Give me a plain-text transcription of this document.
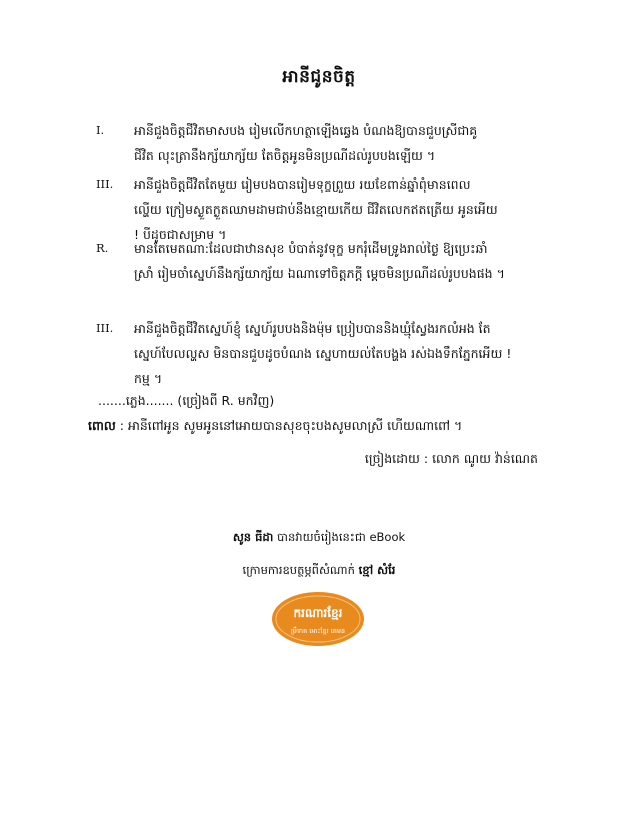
អានីជូនចិត្ត
I.	អានីជួងចិត្តជីវិតមាសបង រៀមលើកហត្ថាឡើងឆ្វេង បំណងឱ្យបានជួបស្រីជាគូ
ជីវិត លុះត្រានឹងក្ស័យាក្ស័យ តែចិត្តអូនមិនប្រណីដល់រូបបងឡើយ ។
III.	អានីជួងចិត្តជីវិតតែមួយ រៀមបងបានរៀមទុក្ខព្រួយ រយខែពាន់ឆ្នាំពុំមានពេល
ល្ហើយ ក្រៀមស្ងួតក្ងួតឈាមដាមជាប់នឹងខ្មោយកើយ ជីវិតលេកឥតត្រើយ អូនអើយ
! បីដូចជាសម្រាម ។
R.	មានតែមេតណា:ដែលជាឋានសុខ បំបាត់នូវទុក្ខ មករុំដើមទ្រូងរាល់ថ្ងៃ ឱ្យប្រេះឆាំ
ស្រាំ រៀមចាំស្នេហ៍នឹងក្ស័យាក្ស័យ ឯណាទៅចិត្តភក្តី ម្តេចមិនប្រណីដល់រូបបងផង ។
III.	អានីជួងចិត្តជីវិតស្នេហ៍ខ្ញុំ ស្នេហ៍រូបបងនិងម៉ុម ប្រៀបបាននិងឃ្មុំស្វែងរកលំអង តែ
ស្នេហ៍បែលល្ហស មិនបានជួបដូចបំណង ស្នេហាយល់តែបង្ហង រស់ឯងទឹកភ្នែកអើយ !
កម្ម ។
.......ភ្លេង....... (ច្រៀងពី R. មកវិញ)
ពោល : អានីពៅអូន សូមអូននៅអោយបានសុខចុះបងសូមលាស្រី ហើយណាពៅ ។
ច្រៀងដោយ : លោក ណូយ វ៉ាន់ណេត
សូន ធីដា បានវាយចំរៀងនេះជា eBook
ក្រោមការឧបត្ថម្ភពីសំណាក់ ខ្មៅ សំរែ
ករណារខ្មែរ
ម្រឹទាគ អោះខ្មែរ គេមន
